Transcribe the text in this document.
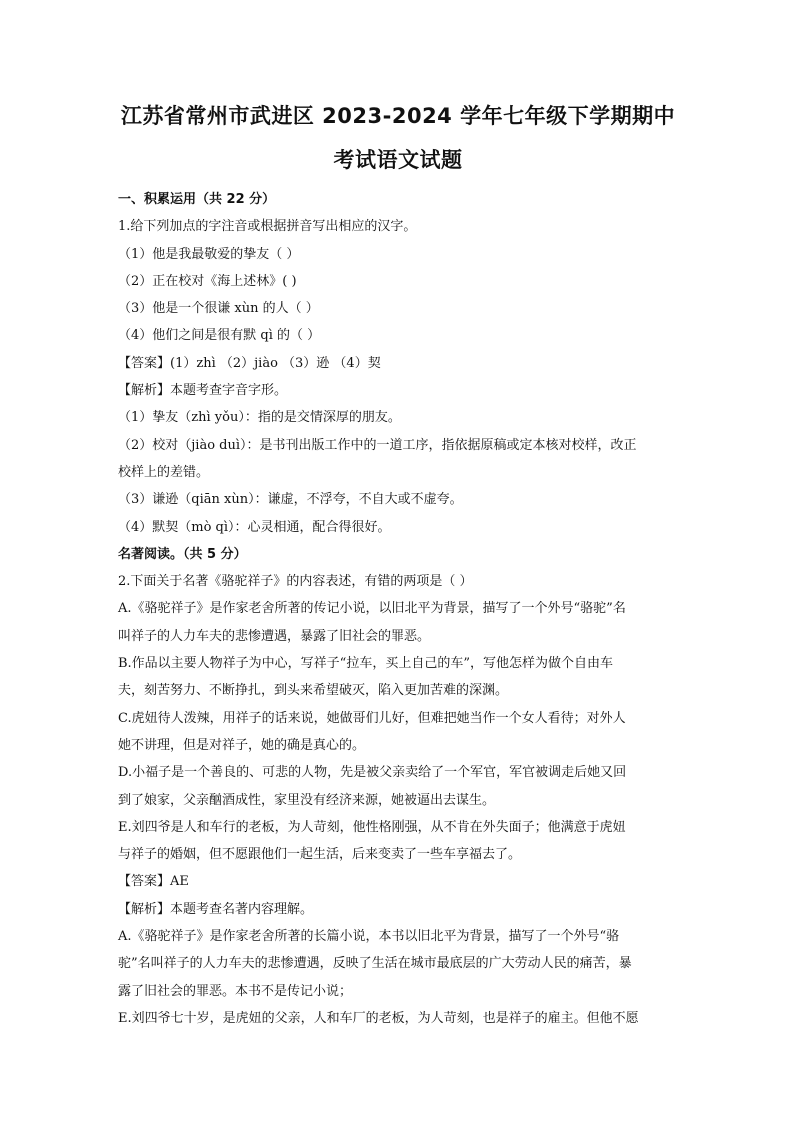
江苏省常州市武进区 2023-2024 学年七年级下学期期中
考试语文试题

一、积累运用（共 22 分）

1.给下列加点的字注音或根据拼音写出相应的汉字。

（1）他是我最敬爱的挚友（ ）

（2）正在校对《海上述林》( )

（3）他是一个很谦 xùn 的人（ ）

（4）他们之间是很有默 qì 的（ ）

【答案】(1）zhì （2）jiào （3）逊 （4）契

【解析】本题考查字音字形。

（1）挚友（zhì yǒu）：指的是交情深厚的朋友。

（2）校对（jiào duì）：是书刊出版工作中的一道工序，指依据原稿或定本核对校样，改正

校样上的差错。

（3）谦逊（qiān xùn）：谦虚，不浮夸，不自大或不虚夸。

（4）默契（mò qì）：心灵相通，配合得很好。

名著阅读。（共 5 分）

2.下面关于名著《骆驼祥子》的内容表述，有错的两项是（ ）

A.《骆驼祥子》是作家老舍所著的传记小说，以旧北平为背景，描写了一个外号“骆驼”名

叫祥子的人力车夫的悲惨遭遇，暴露了旧社会的罪恶。

B.作品以主要人物祥子为中心，写祥子“拉车，买上自己的车”，写他怎样为做个自由车

夫，刻苦努力、不断挣扎，到头来希望破灭，陷入更加苦难的深渊。

C.虎妞待人泼辣，用祥子的话来说，她做哥们儿好，但难把她当作一个女人看待；对外人

她不讲理，但是对祥子，她的确是真心的。

D.小福子是一个善良的、可悲的人物，先是被父亲卖给了一个军官，军官被调走后她又回

到了娘家，父亲酗酒成性，家里没有经济来源，她被逼出去谋生。

E.刘四爷是人和车行的老板，为人苛刻，他性格刚强，从不肯在外失面子；他满意于虎妞

与祥子的婚姻，但不愿跟他们一起生活，后来变卖了一些车享福去了。

【答案】AE

【解析】本题考查名著内容理解。

A.《骆驼祥子》是作家老舍所著的长篇小说，本书以旧北平为背景，描写了一个外号“骆

驼”名叫祥子的人力车夫的悲惨遭遇，反映了生活在城市最底层的广大劳动人民的痛苦，暴

露了旧社会的罪恶。本书不是传记小说；

E.刘四爷七十岁，是虎妞的父亲，人和车厂的老板，为人苛刻，也是祥子的雇主。但他不愿
